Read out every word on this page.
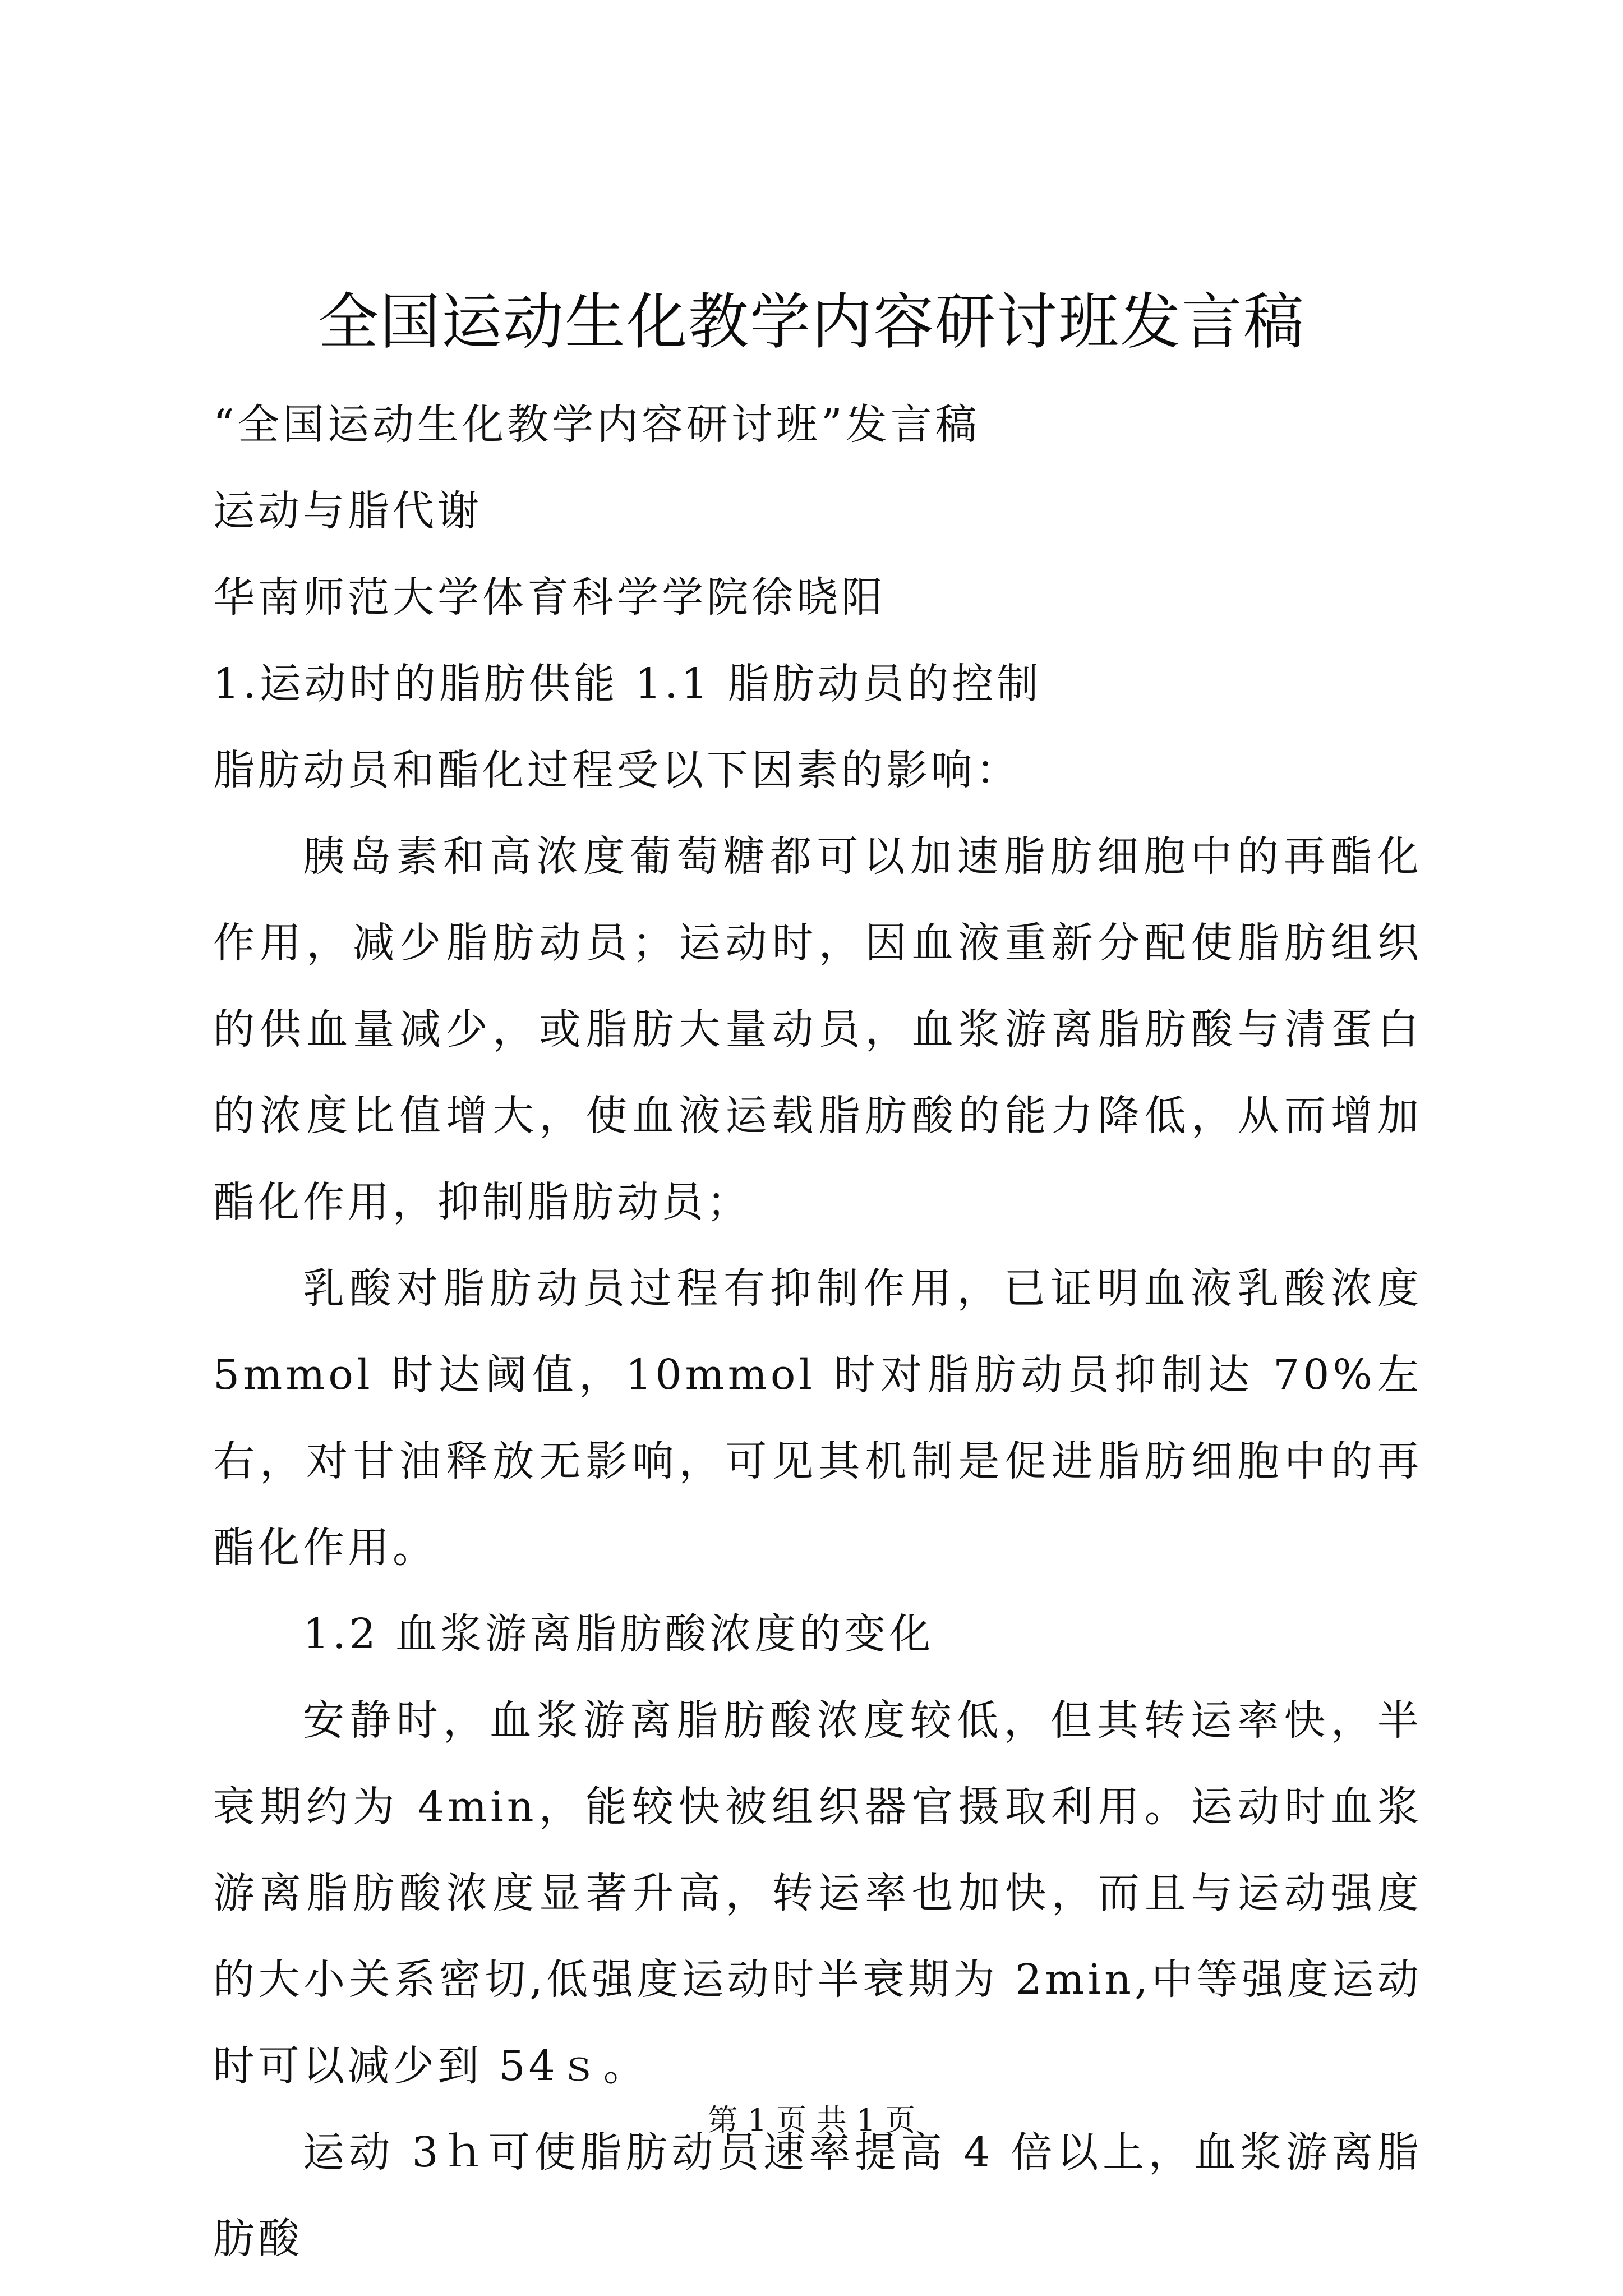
全国运动生化教学内容研讨班发言稿

“全国运动生化教学内容研讨班”发言稿

运动与脂代谢

华南师范大学体育科学学院徐晓阳

1.运动时的脂肪供能 1.1 脂肪动员的控制

脂肪动员和酯化过程受以下因素的影响：

胰岛素和高浓度葡萄糖都可以加速脂肪细胞中的再酯化作用，减少脂肪动员；运动时，因血液重新分配使脂肪组织的供血量减少，或脂肪大量动员，血浆游离脂肪酸与清蛋白的浓度比值增大，使血液运载脂肪酸的能力降低，从而增加酯化作用，抑制脂肪动员；

乳酸对脂肪动员过程有抑制作用，已证明血液乳酸浓度 5mmol 时达阈值，10mmol 时对脂肪动员抑制达 70%左右，对甘油释放无影响，可见其机制是促进脂肪细胞中的再酯化作用。

1.2 血浆游离脂肪酸浓度的变化

安静时，血浆游离脂肪酸浓度较低，但其转运率快，半衰期约为 4min，能较快被组织器官摄取利用。运动时血浆游离脂肪酸浓度显著升高，转运率也加快，而且与运动强度的大小关系密切,低强度运动时半衰期为 2min,中等强度运动时可以减少到 54ｓ。

运动 3ｈ可使脂肪动员速率提高 4 倍以上，血浆游离脂肪酸

第 1 页 共 1 页
